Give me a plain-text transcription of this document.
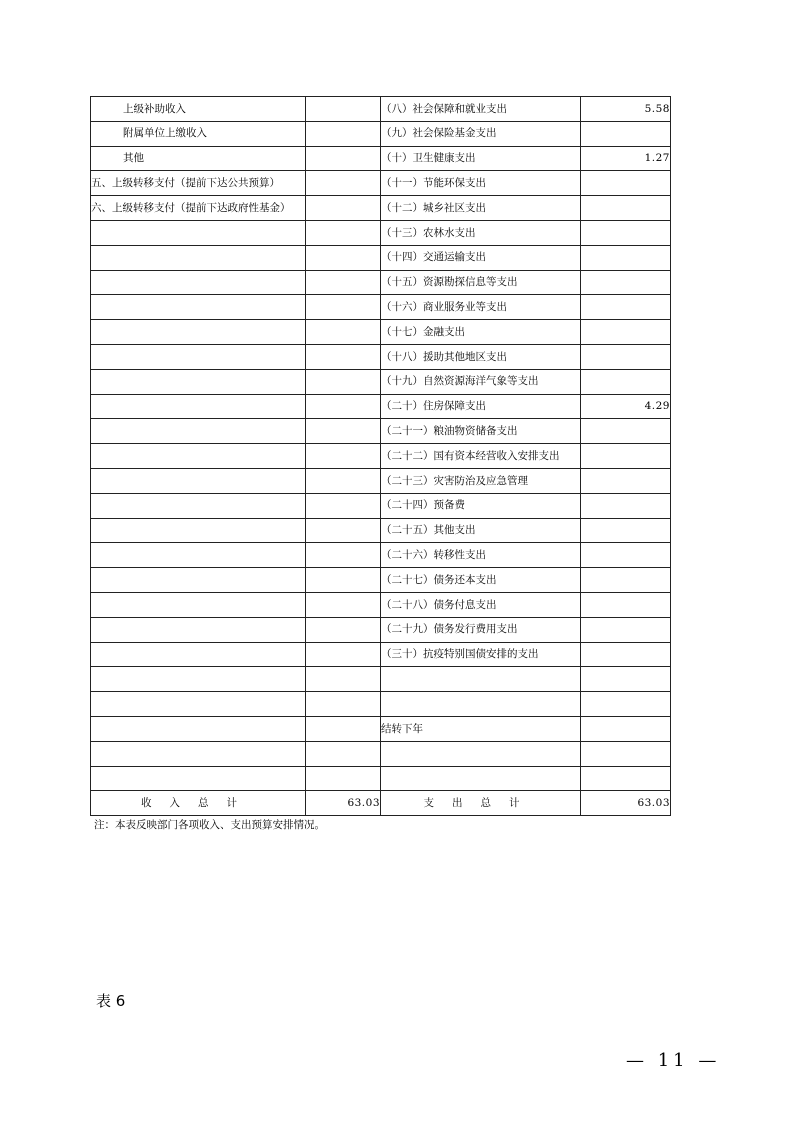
上级补助收入		（八）社会保障和就业支出	5.58
附属单位上缴收入		（九）社会保险基金支出	
其他		（十）卫生健康支出	1.27
五、上级转移支付（提前下达公共预算）		（十一）节能环保支出	
六、上级转移支付（提前下达政府性基金）		（十二）城乡社区支出	
		（十三）农林水支出	
		（十四）交通运输支出	
		（十五）资源勘探信息等支出	
		（十六）商业服务业等支出	
		（十七）金融支出	
		（十八）援助其他地区支出	
		（十九）自然资源海洋气象等支出	
		（二十）住房保障支出	4.29
		（二十一）粮油物资储备支出	
		（二十二）国有资本经营收入安排支出	
		（二十三）灾害防治及应急管理	
		（二十四）预备费	
		（二十五）其他支出	
		（二十六）转移性支出	
		（二十七）债务还本支出	
		（二十八）债务付息支出	
		（二十九）债务发行费用支出	
		（三十）抗疫特别国债安排的支出	

		结转下年	

收入总计	63.03	支出总计	63.03
注：本表反映部门各项收入、支出预算安排情况。
表 6
— 11 —
